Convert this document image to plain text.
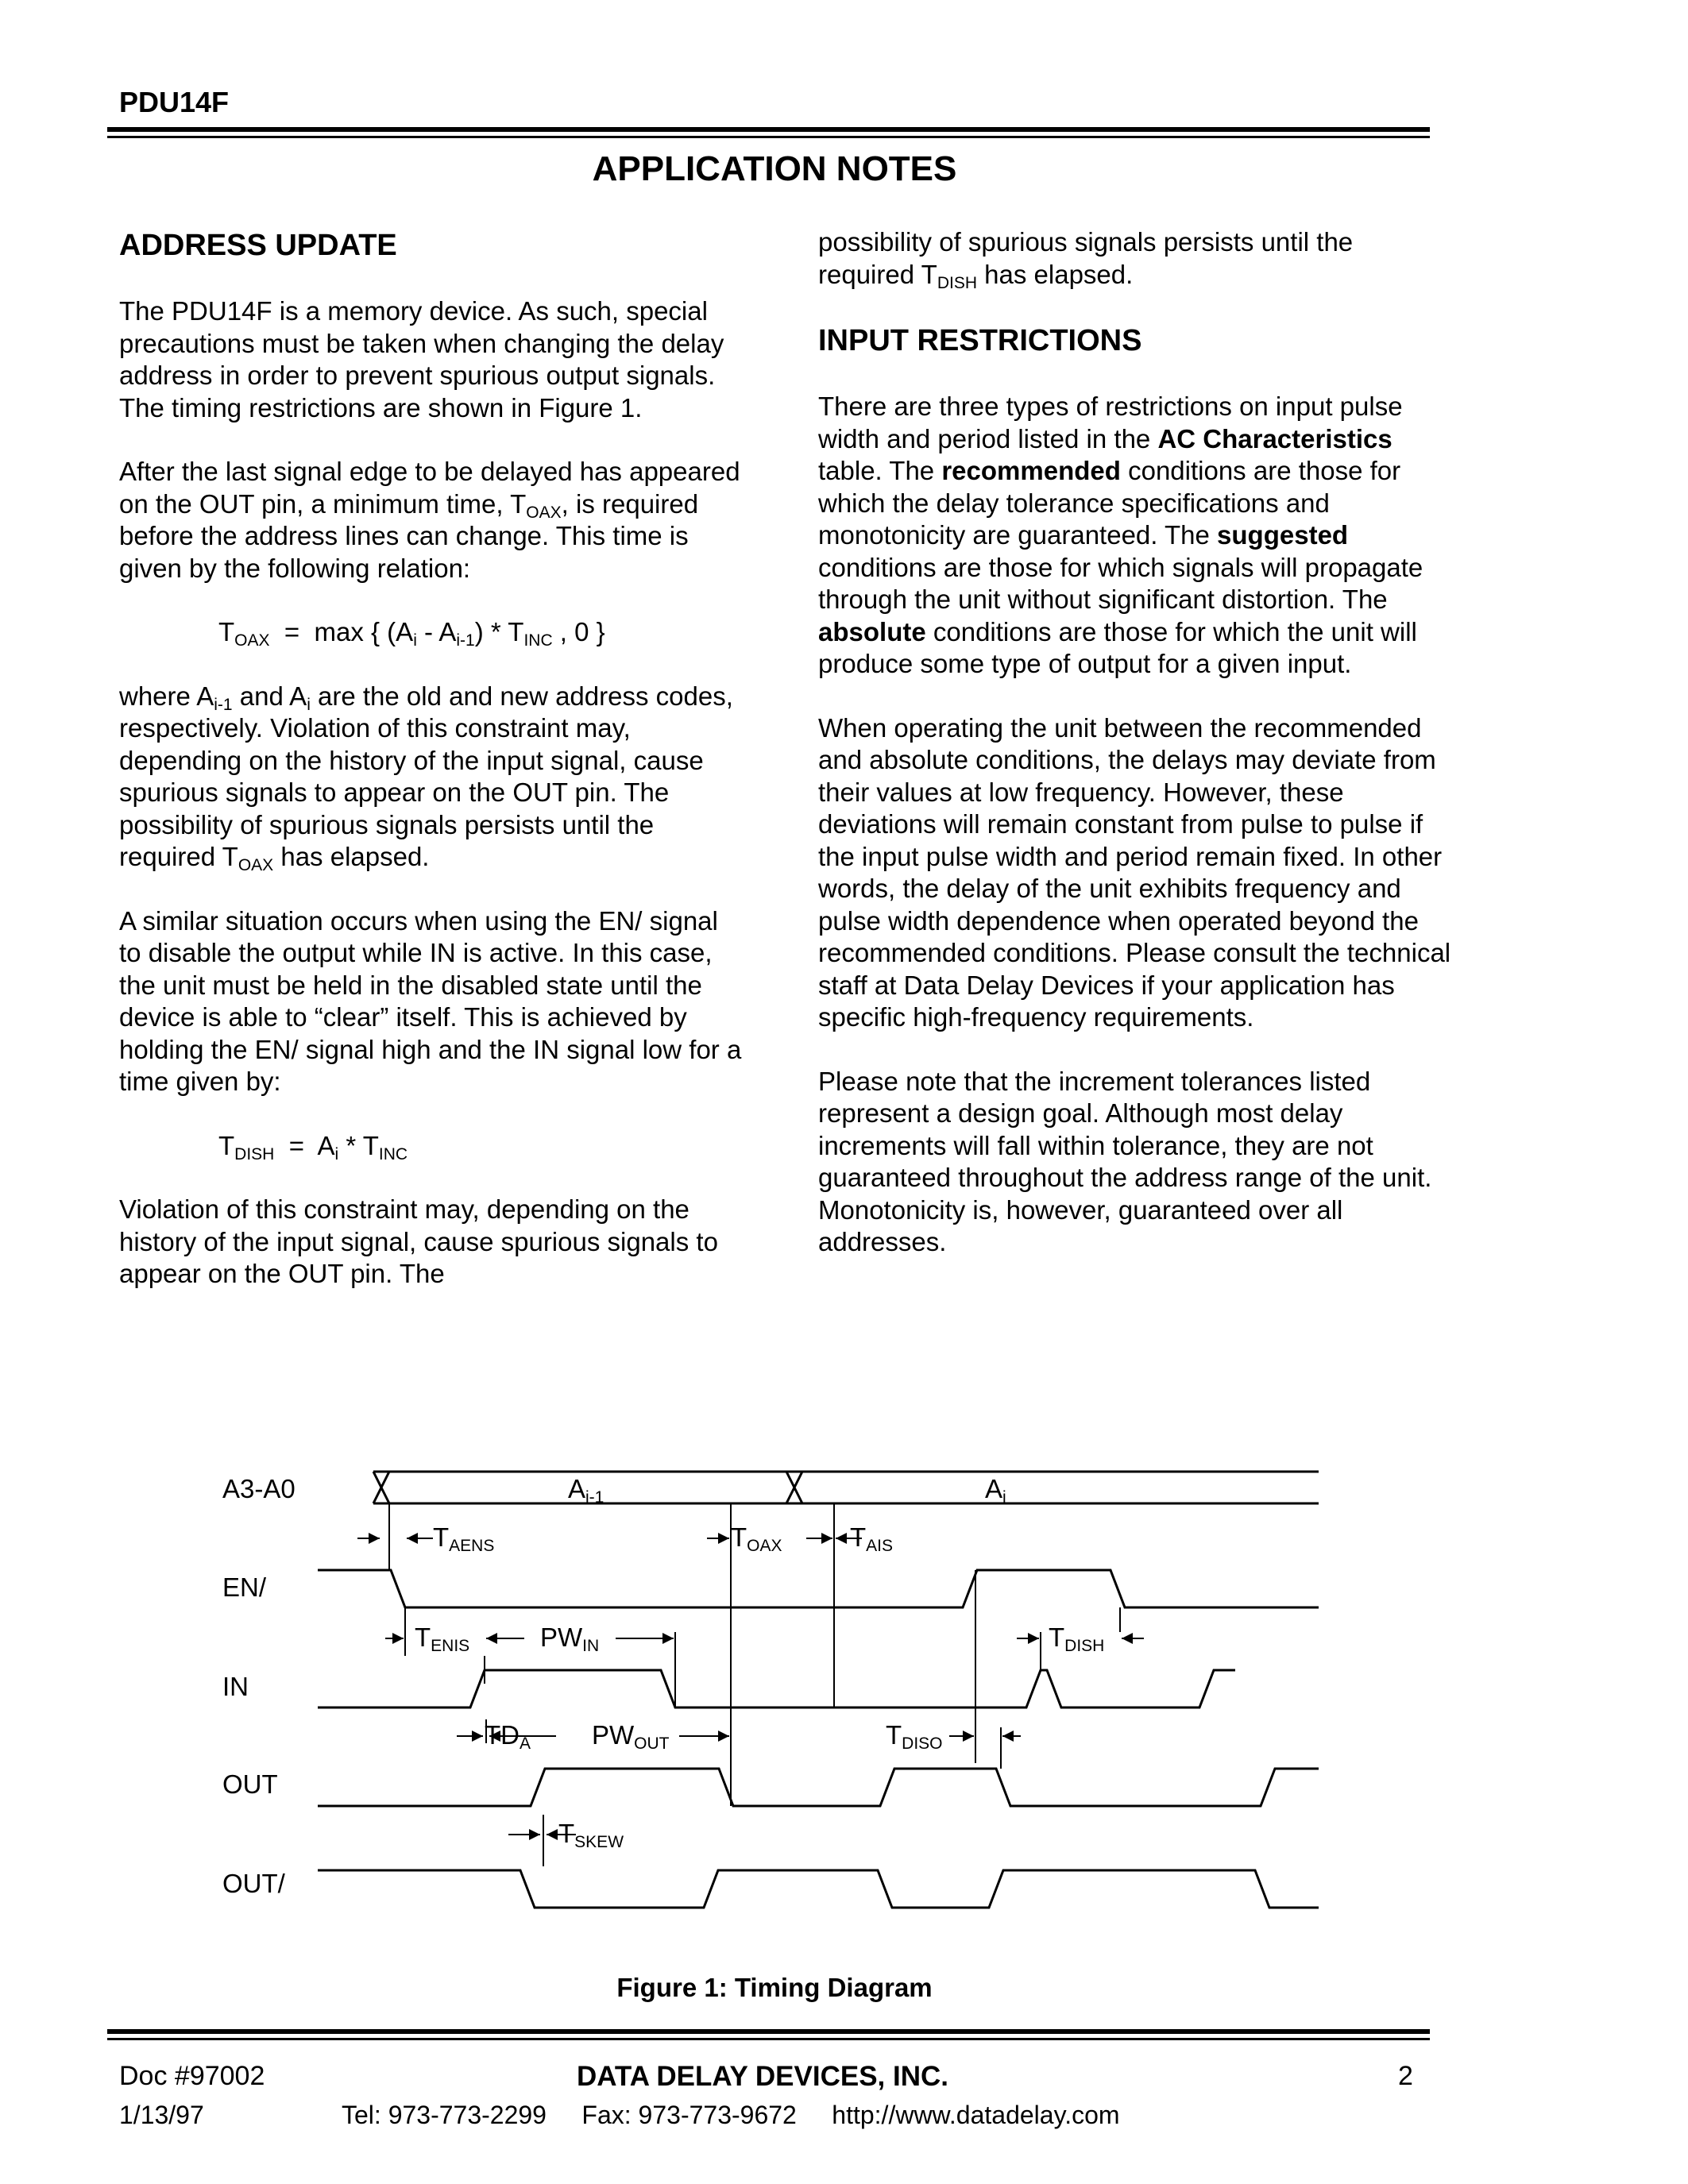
PDU14F
APPLICATION NOTES
ADDRESS UPDATE

The PDU14F is a memory device. As such, special precautions must be taken when changing the delay address in order to prevent spurious output signals. The timing restrictions are shown in Figure 1.

After the last signal edge to be delayed has appeared on the OUT pin, a minimum time, $T_{OAX}$, is required before the address lines can change. This time is given by the following relation:

$T_{OAX} = \max$ { $(A_i - A_{i-1}) * T_{INC}$ , 0 }

where $A_{i-1}$ and $A_i$ are the old and new address codes, respectively. Violation of this constraint may, depending on the history of the input signal, cause spurious signals to appear on the OUT pin. The possibility of spurious signals persists until the required $T_{OAX}$ has elapsed.

A similar situation occurs when using the EN/ signal to disable the output while IN is active. In this case, the unit must be held in the disabled state until the device is able to “clear” itself. This is achieved by holding the EN/ signal high and the IN signal low for a time given by:

$T_{DISH} = A_i * T_{INC}$

Violation of this constraint may, depending on the history of the input signal, cause spurious signals to appear on the OUT pin. The

possibility of spurious signals persists until the required $T_{DISH}$ has elapsed.

INPUT RESTRICTIONS

There are three types of restrictions on input pulse width and period listed in the AC Characteristics table. The recommended conditions are those for which the delay tolerance specifications and monotonicity are guaranteed. The suggested conditions are those for which signals will propagate through the unit without significant distortion. The absolute conditions are those for which the unit will produce some type of output for a given input.

When operating the unit between the recommended and absolute conditions, the delays may deviate from their values at low frequency. However, these deviations will remain constant from pulse to pulse if the input pulse width and period remain fixed. In other words, the delay of the unit exhibits frequency and pulse width dependence when operated beyond the recommended conditions. Please consult the technical staff at Data Delay Devices if your application has specific high-frequency requirements.

Please note that the increment tolerances listed represent a design goal. Although most delay increments will fall within tolerance, they are not guaranteed throughout the address range of the unit. Monotonicity is, however, guaranteed over all addresses.

A3-A0
EN/
IN
OUT
OUT/
Ai-1	Ai
TAENS	TOAX	TAIS
TENIS	PWIN	TDISH
TDA PWOUT	TDISO
TSKEW
Figure 1: Timing Diagram
Doc #97002	DATA DELAY DEVICES, INC.	2
1/13/97	Tel: 973-773-2299     Fax: 973-773-9672     http://www.datadelay.com
